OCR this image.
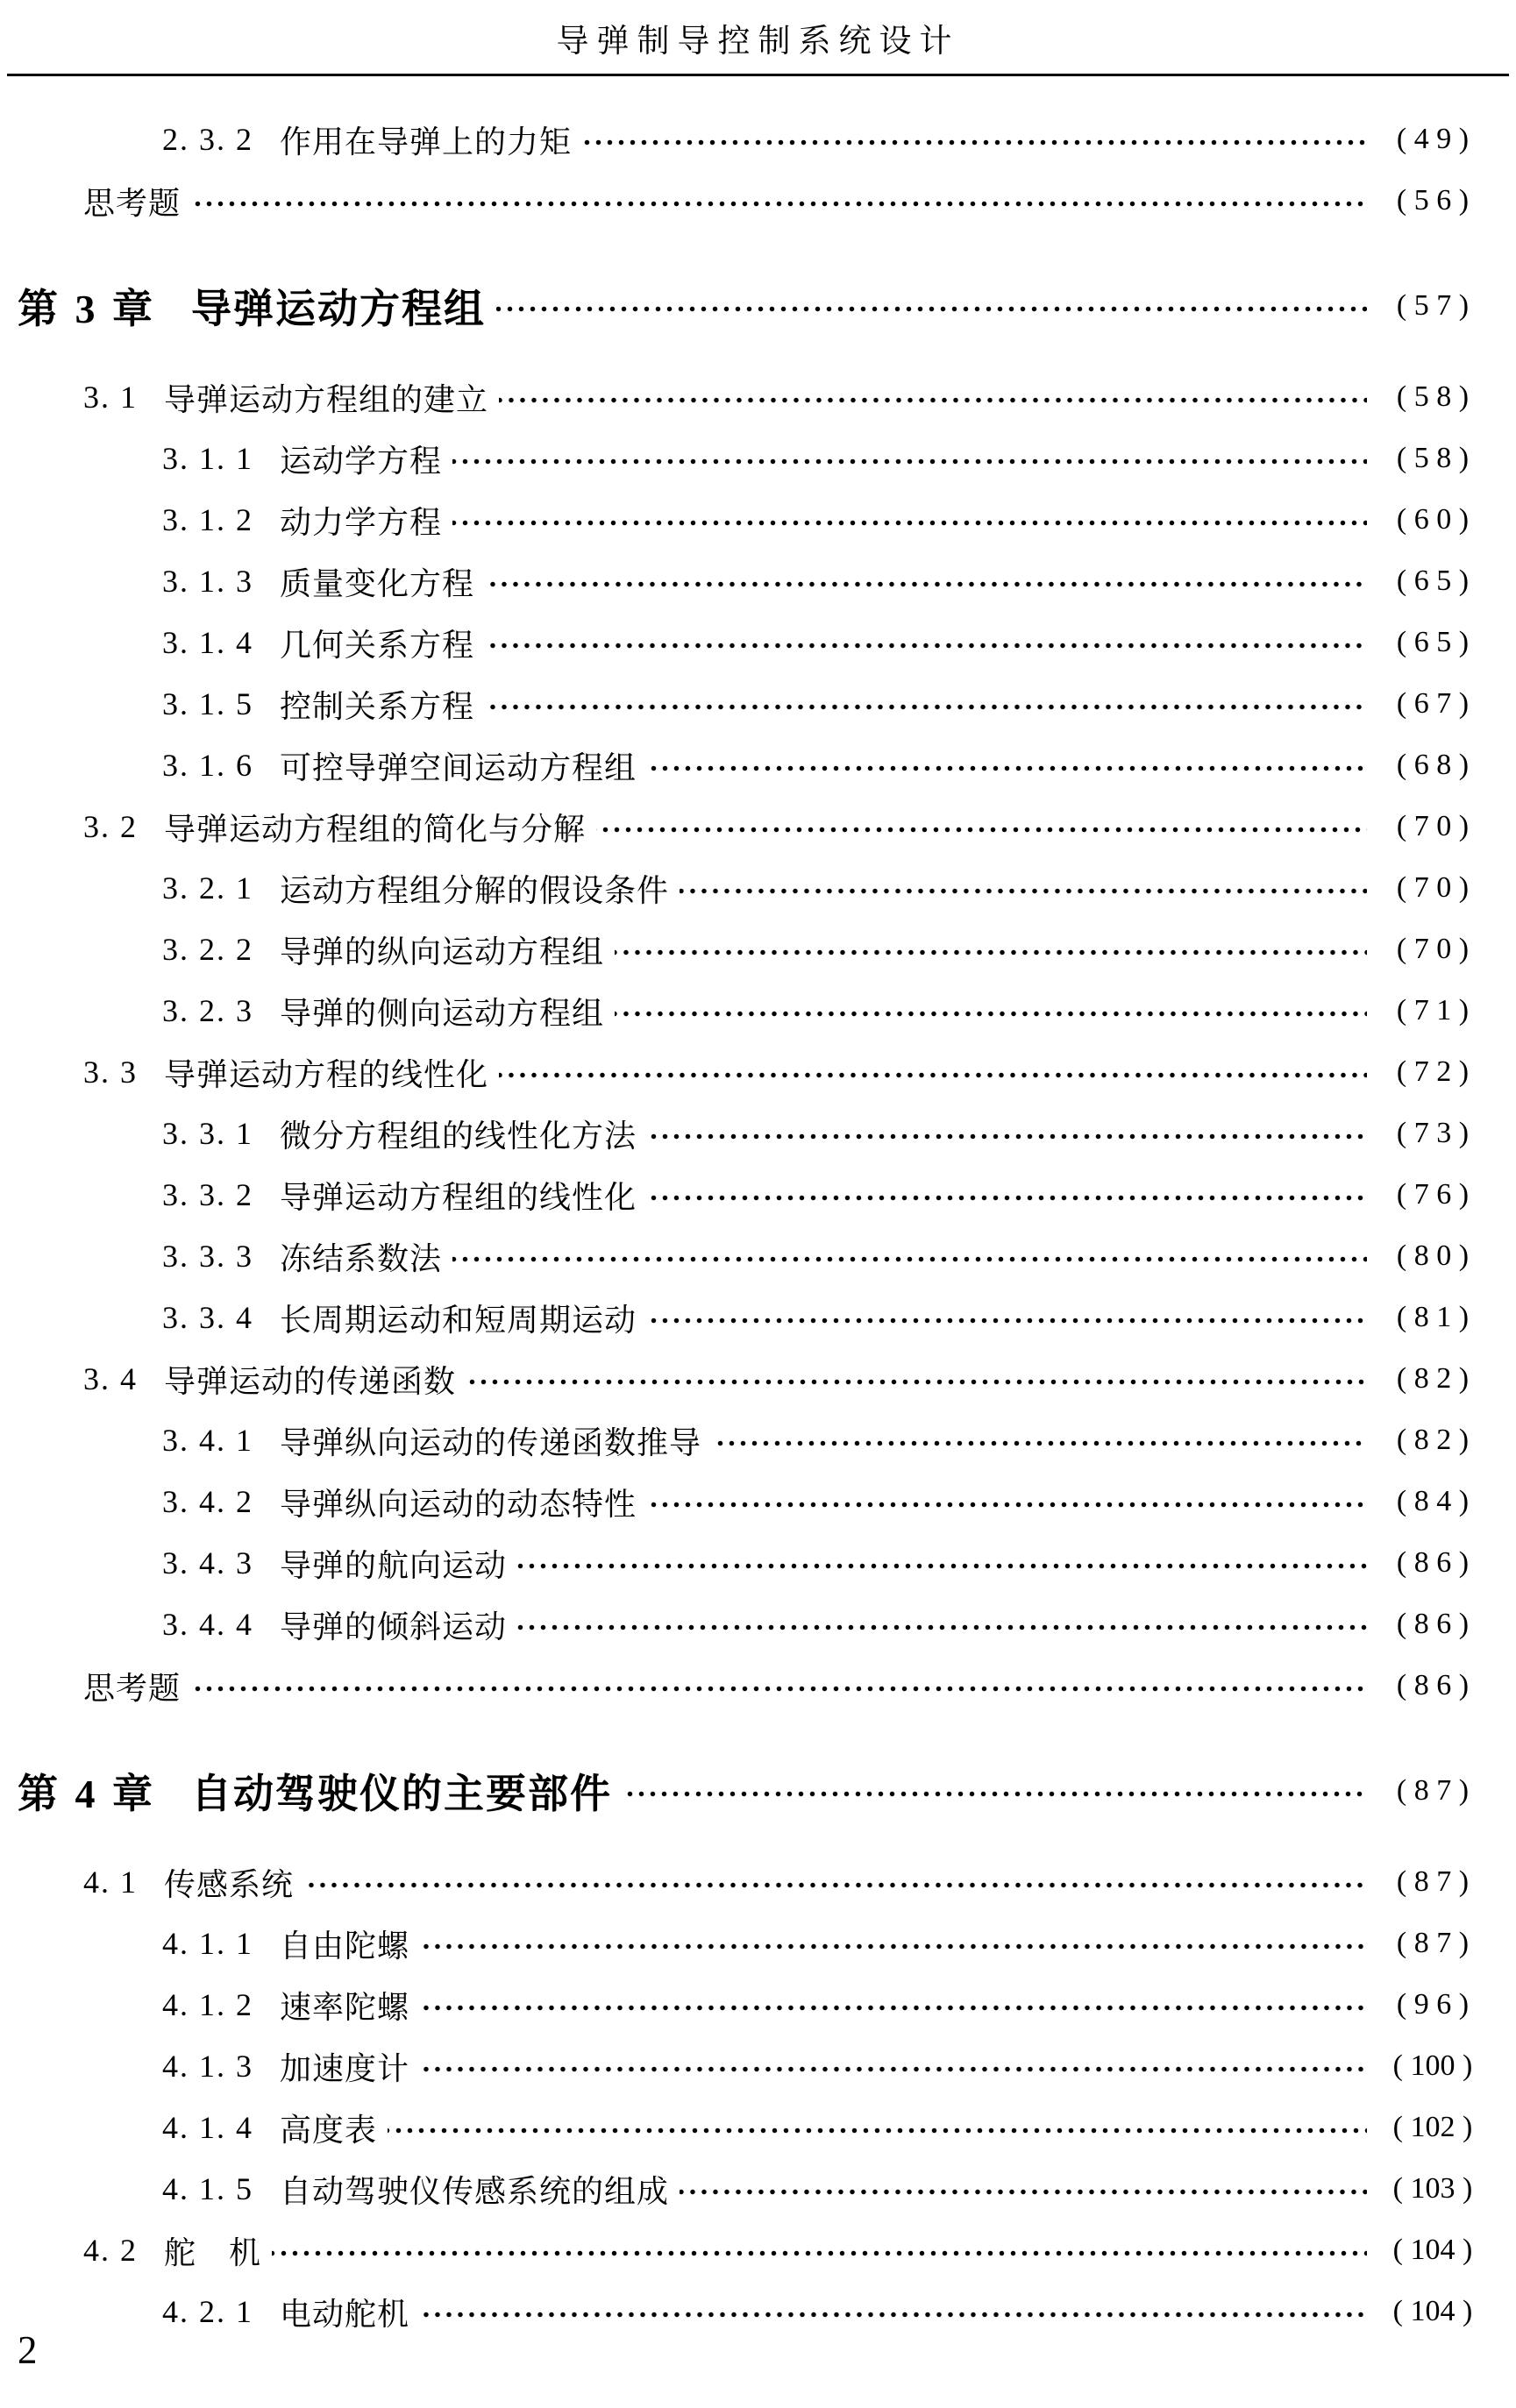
导弹制导控制系统设计
2. 3. 2 作用在导弹上的力矩	( 4 9 )
思考题	( 5 6 )
第 3 章 导弹运动方程组	( 5 7 )
3. 1 导弹运动方程组的建立	( 5 8 )
3. 1. 1 运动学方程	( 5 8 )
3. 1. 2 动力学方程	( 6 0 )
3. 1. 3 质量变化方程	( 6 5 )
3. 1. 4 几何关系方程	( 6 5 )
3. 1. 5 控制关系方程	( 6 7 )
3. 1. 6 可控导弹空间运动方程组	( 6 8 )
3. 2 导弹运动方程组的简化与分解	( 7 0 )
3. 2. 1 运动方程组分解的假设条件	( 7 0 )
3. 2. 2 导弹的纵向运动方程组	( 7 0 )
3. 2. 3 导弹的侧向运动方程组	( 7 1 )
3. 3 导弹运动方程的线性化	( 7 2 )
3. 3. 1 微分方程组的线性化方法	( 7 3 )
3. 3. 2 导弹运动方程组的线性化	( 7 6 )
3. 3. 3 冻结系数法	( 8 0 )
3. 3. 4 长周期运动和短周期运动	( 8 1 )
3. 4 导弹运动的传递函数	( 8 2 )
3. 4. 1 导弹纵向运动的传递函数推导	( 8 2 )
3. 4. 2 导弹纵向运动的动态特性	( 8 4 )
3. 4. 3 导弹的航向运动	( 8 6 )
3. 4. 4 导弹的倾斜运动	( 8 6 )
思考题	( 8 6 )
第 4 章 自动驾驶仪的主要部件	( 8 7 )
4. 1 传感系统	( 8 7 )
4. 1. 1 自由陀螺	( 8 7 )
4. 1. 2 速率陀螺	( 9 6 )
4. 1. 3 加速度计	( 100 )
4. 1. 4 高度表	( 102 )
4. 1. 5 自动驾驶仪传感系统的组成	( 103 )
4. 2 舵　机	( 104 )
4. 2. 1 电动舵机	( 104 )
2
